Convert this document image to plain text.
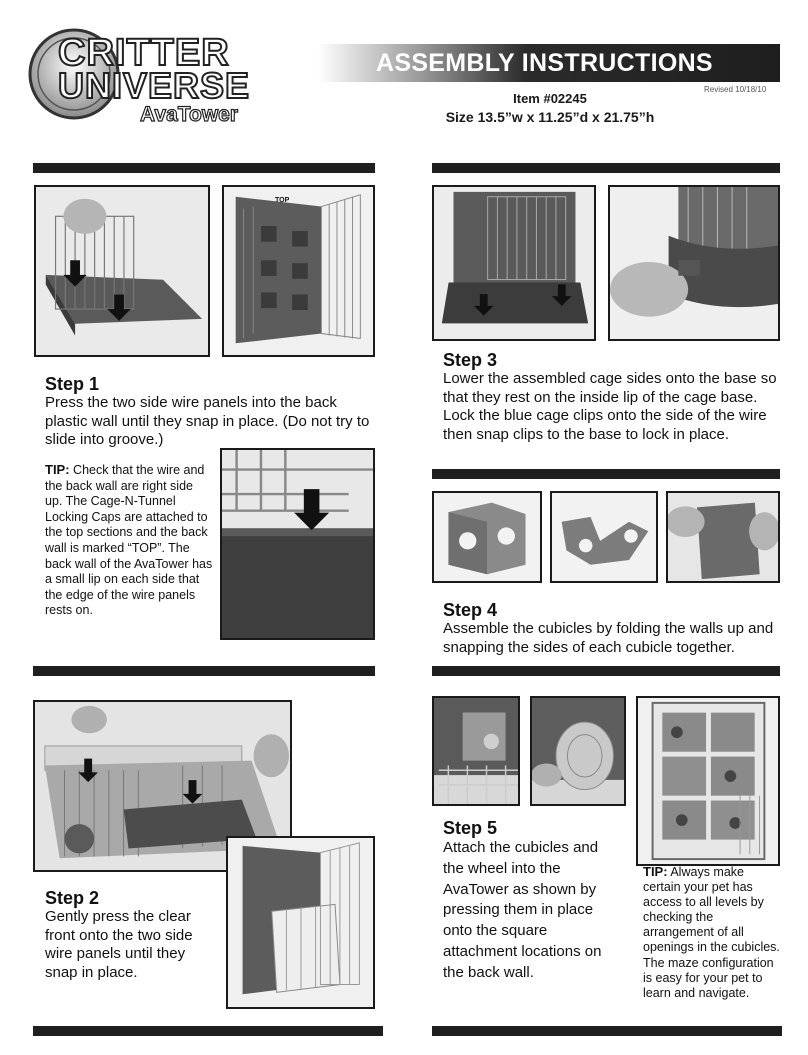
CRITTER
UNIVERSE
AvaTower
ASSEMBLY INSTRUCTIONS
Revised 10/18/10
Item #02245
Size 13.5”w x 11.25”d x 21.75”h
TOP
Step 1
Press the two side wire panels into the back plastic wall until they snap in place. (Do not try to slide into groove.)
TIP: Check that the wire and the back wall are right side up. The Cage-N-Tunnel Locking Caps are attached to the top sections and the back wall is marked “TOP”. The back wall of the AvaTower has a small lip on each side that the edge of the wire panels rests on.
Step 3
Lower the assembled cage sides onto the base so that they rest on the inside lip of the cage base. Lock the blue cage clips onto the side of the wire then snap clips to the base to lock in place.
Step 4
Assemble the cubicles by folding the walls up and snapping the sides of each cubicle together.
Step 2
Gently press the clear front onto the two side wire panels until they snap in place.
Step 5
Attach the cubicles and the wheel into the AvaTower as shown by pressing them in place onto the square attachment locations on the back wall.
TIP: Always make certain your pet has access to all levels by checking the arrangement of all openings in the cubicles. The maze configuration is easy for your pet to learn and navigate.
